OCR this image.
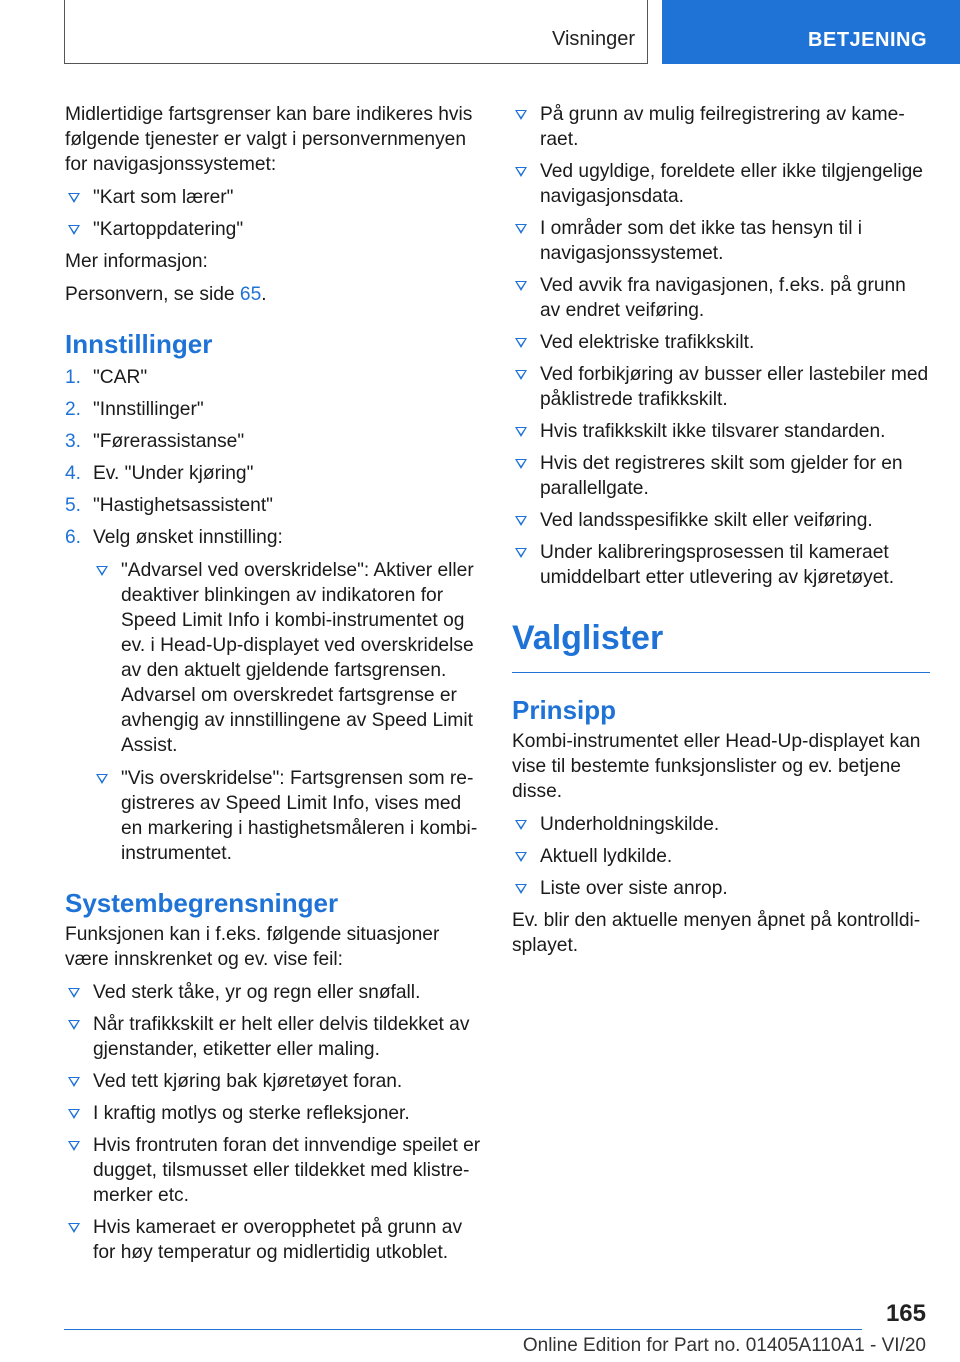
Visninger	BETJENING

Midlertidige fartsgrenser kan bare indikeres hvis følgende tjenester er valgt i personvernmenyen for navigasjonssystemet:

"Kart som lærer"
"Kartoppdatering"

Mer informasjon:

Personvern, se side 65.

Innstillinger
1. "CAR"
2. "Innstillinger"
3. "Førerassistanse"
4. Ev. "Under kjøring"
5. "Hastighetsassistent"
6. Velg ønsket innstilling:
"Advarsel ved overskridelse": Aktiver eller deaktiver blinkingen av indikatoren for Speed Limit Info i kombi-instrumentet og ev. i Head-Up-displayet ved overskridelse av den aktuelt gjeldende fartsgrensen. Advarsel om overskredet fartsgrense er avhengig av innstillingene av Speed Limit Assist.
"Vis overskridelse": Fartsgrensen som registreres av Speed Limit Info, vises med en markering i hastighetsmåleren i kombiinstrumentet.
Systembegrensninger

Funksjonen kan i f.eks. følgende situasjoner være innskrenket og ev. vise feil:

Ved sterk tåke, yr og regn eller snøfall.
Når trafikkskilt er helt eller delvis tildekket av gjenstander, etiketter eller maling.
Ved tett kjøring bak kjøretøyet foran.
I kraftig motlys og sterke refleksjoner.
Hvis frontruten foran det innvendige speilet er dugget, tilsmusset eller tildekket med klistremerker etc.
Hvis kameraet er overopphetet på grunn av for høy temperatur og midlertidig utkoblet.
På grunn av mulig feilregistrering av kameraet.
Ved ugyldige, foreldete eller ikke tilgjengelige navigasjonsdata.
I områder som det ikke tas hensyn til i navigasjonssystemet.
Ved avvik fra navigasjonen, f.eks. på grunn av endret veiføring.
Ved elektriske trafikkskilt.
Ved forbikjøring av busser eller lastebiler med påklistrede trafikkskilt.
Hvis trafikkskilt ikke tilsvarer standarden.
Hvis det registreres skilt som gjelder for en parallellgate.
Ved landsspesifikke skilt eller veiføring.
Under kalibreringsprosessen til kameraet umiddelbart etter utlevering av kjøretøyet.
Valglister
Prinsipp

Kombi-instrumentet eller Head-Up-displayet kan vise til bestemte funksjonslister og ev. betjene disse.

Underholdningskilde.
Aktuell lydkilde.
Liste over siste anrop.

Ev. blir den aktuelle menyen åpnet på kontrolldisplayet.

165
Online Edition for Part no. 01405A110A1 - VI/20
